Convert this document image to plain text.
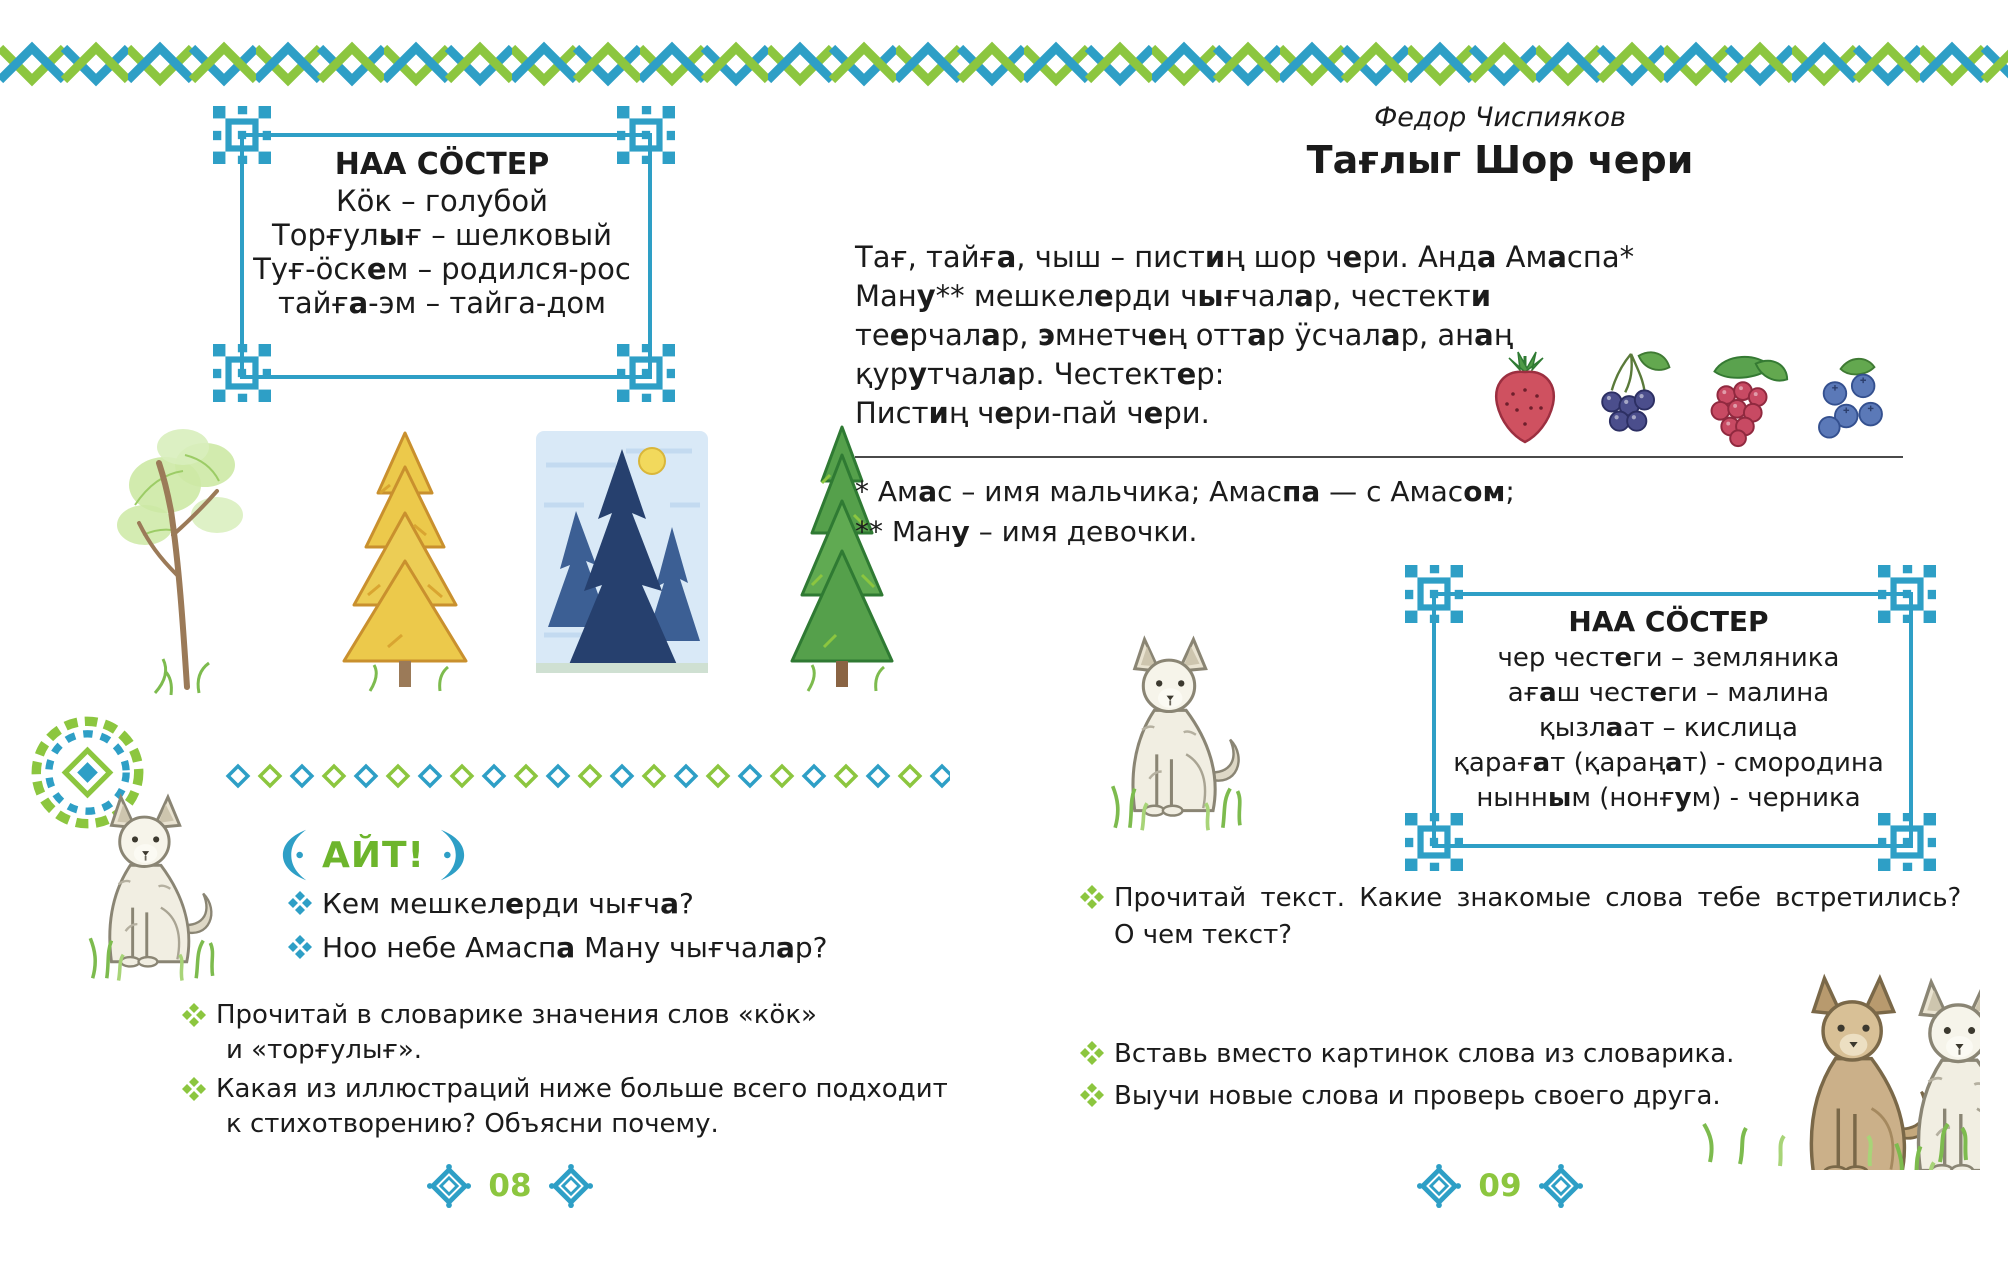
НАА СӦСТЕР
Кӧк – голубой
Торғулығ – шелковый
Туғ-ӧскем – родился-рос
тайға-эм – тайга-дом
АЙТ!
Кем мешкелерди чығча?
Ноо небе Амаспа Ману чығчалар?
Прочитай в словарике значения слов «кӧк»
и «торғулығ».
Какая из иллюстраций ниже больше всего подходит
к стихотворению? Объясни почему.
08
Федор Чиспияков
Тағлыг Шор чери
Тағ, тайға, чыш – пистиң шор чери. Анда Амаспа*
Ману** мешкелерди чығчалар, честекти
теерчалар, эмнетчең оттар ӱсчалар, анаң
қурутчалар. Честектер:
Пистиң чери-пай чери.
* Амас – имя мальчика; Амаспа — с Амасом;
** Ману – имя девочки.
НАА СӦСТЕР
чер честеги – земляника
ағаш честеги – малина
қызлаат – кислица
қарағат (қараңат) - смородина
нынным (нонғум) - черника
Прочитай текст. Какие знакомые слова тебе встретились?
О чем текст?
Вставь вместо картинок слова из словарика.
Выучи новые слова и проверь своего друга.
09
